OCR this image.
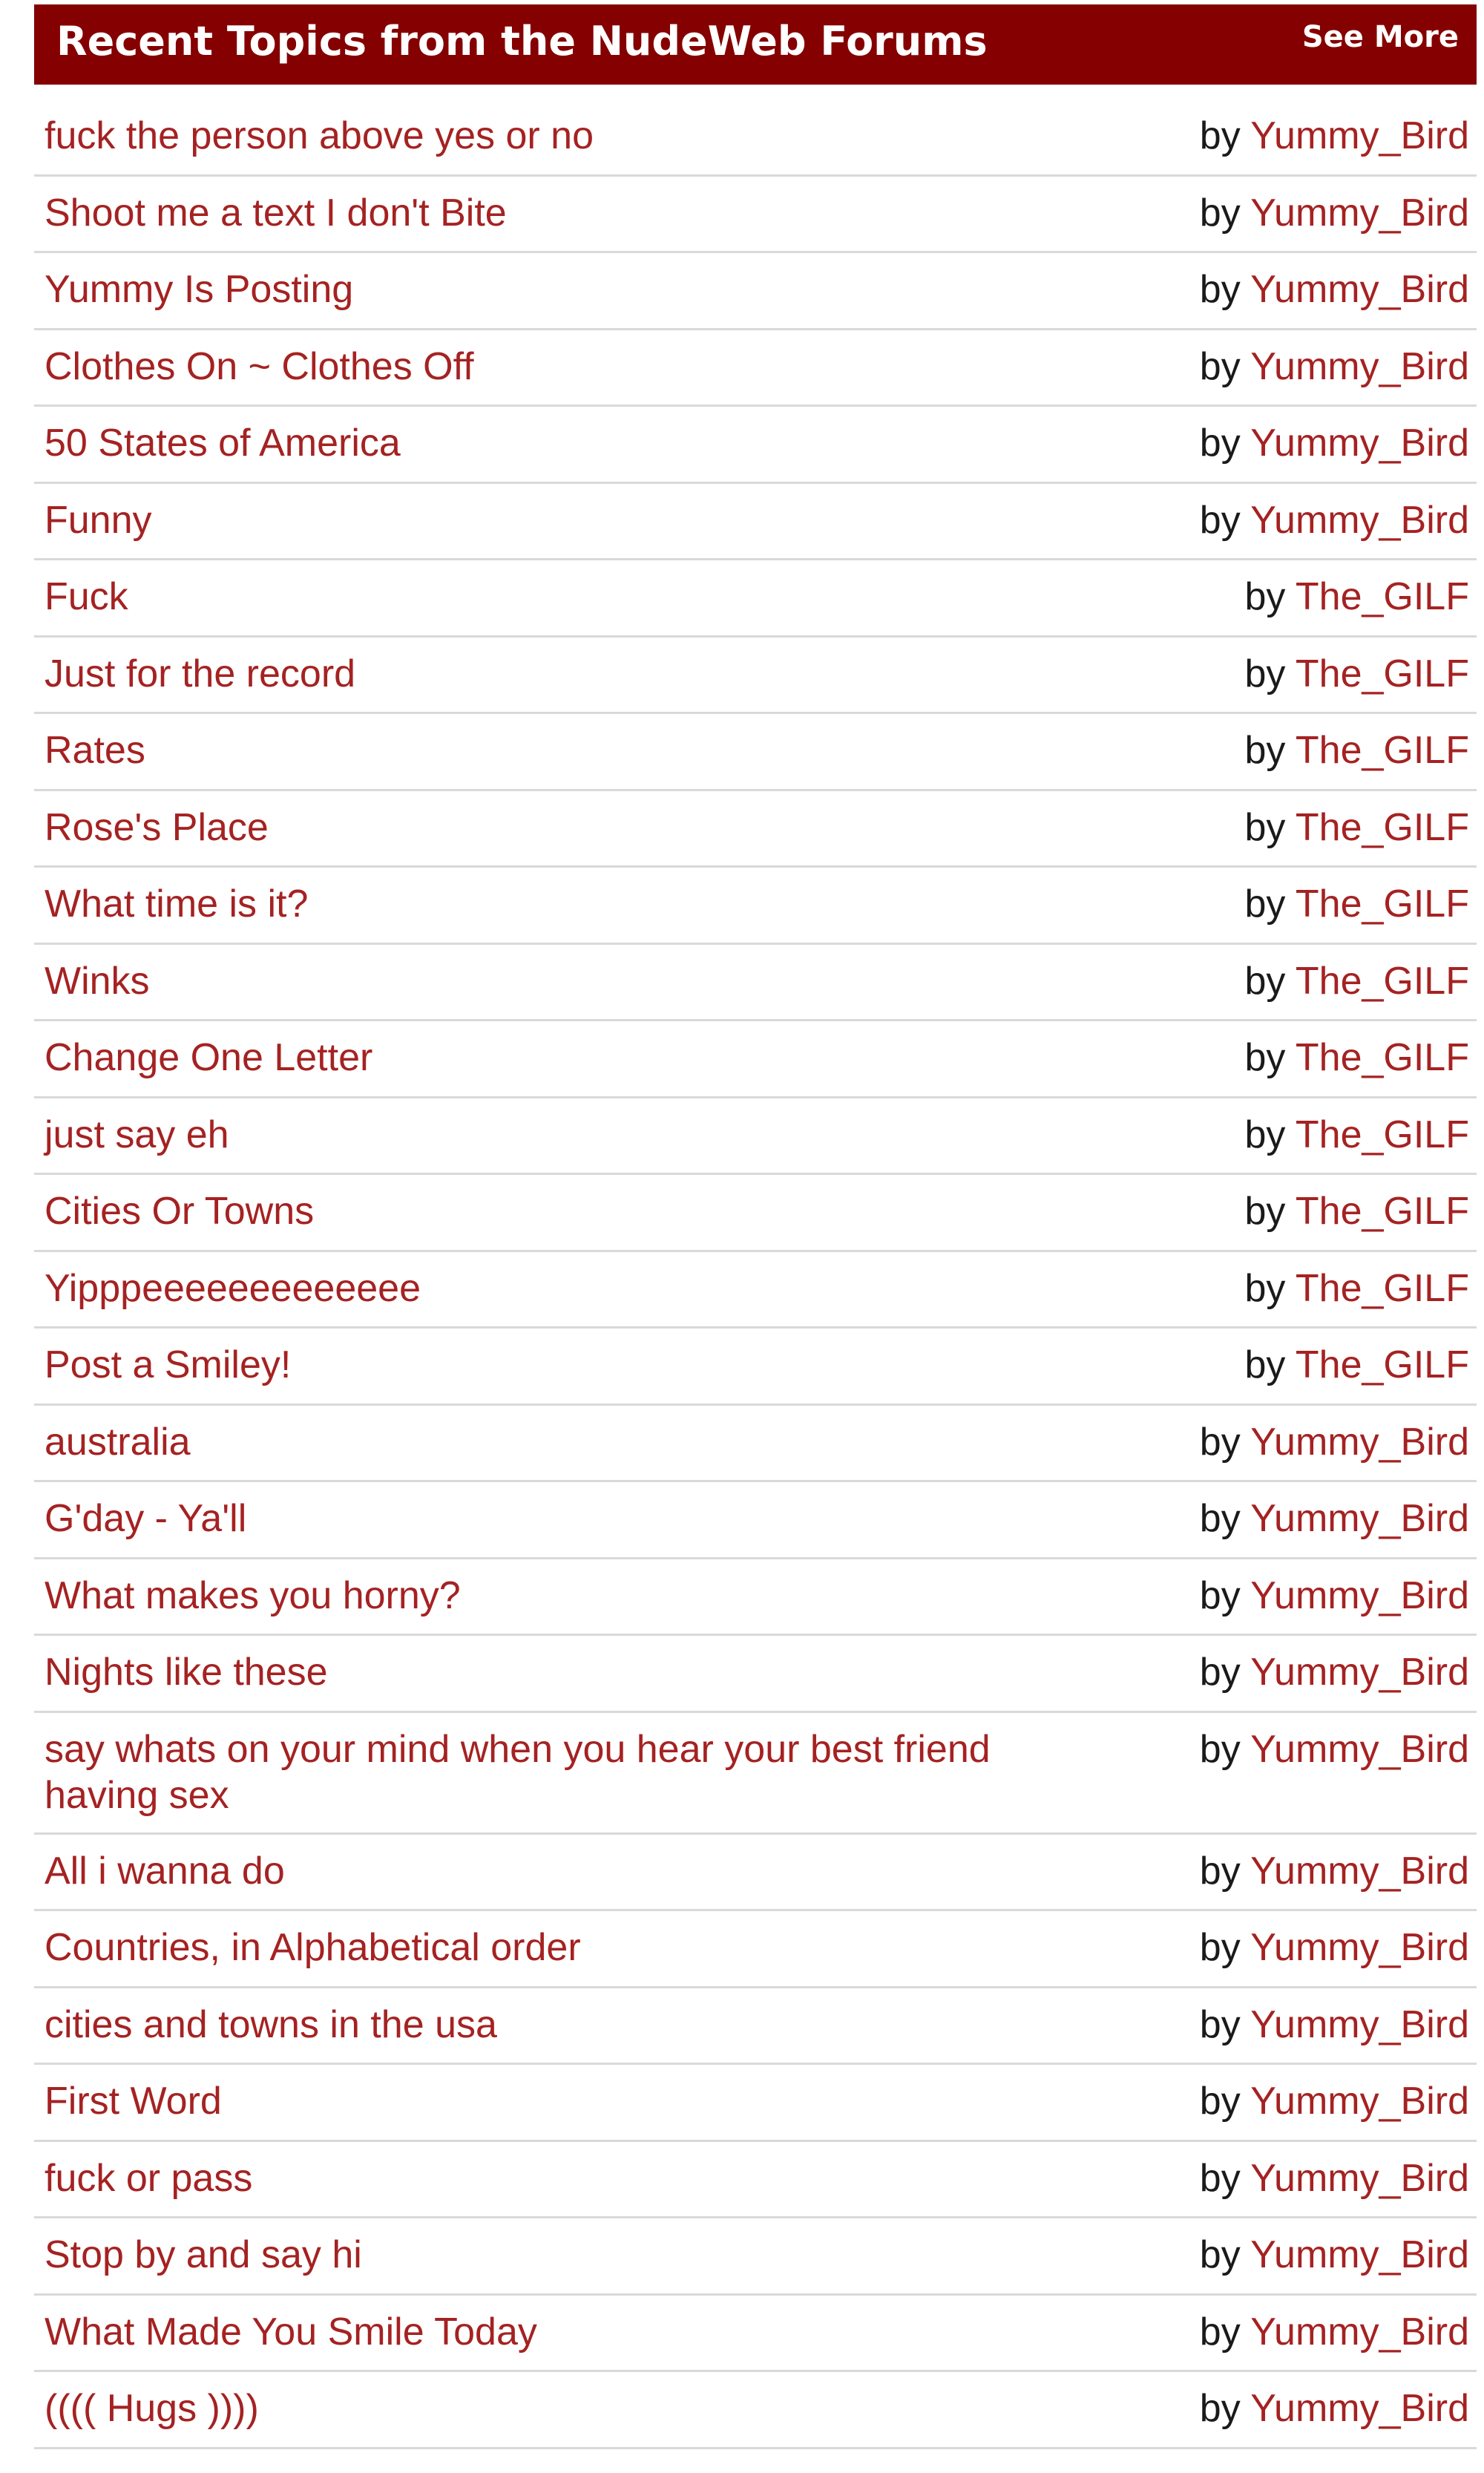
Recent Topics from the NudeWeb Forums	See More
fuck the person above yes or no	by Yummy_Bird
Shoot me a text I don't Bite	by Yummy_Bird
Yummy Is Posting	by Yummy_Bird
Clothes On ~ Clothes Off	by Yummy_Bird
50 States of America	by Yummy_Bird
Funny	by Yummy_Bird
Fuck	by The_GILF
Just for the record	by The_GILF
Rates	by The_GILF
Rose's Place	by The_GILF
What time is it?	by The_GILF
Winks	by The_GILF
Change One Letter	by The_GILF
just say eh	by The_GILF
Cities Or Towns	by The_GILF
Yipppeeeeeeeeeeeee	by The_GILF
Post a Smiley!	by The_GILF
australia	by Yummy_Bird
G'day - Ya'll	by Yummy_Bird
What makes you horny?	by Yummy_Bird
Nights like these	by Yummy_Bird
say whats on your mind when you hear your best friend having sex
by Yummy_Bird
All i wanna do	by Yummy_Bird
Countries, in Alphabetical order	by Yummy_Bird
cities and towns in the usa	by Yummy_Bird
First Word	by Yummy_Bird
fuck or pass	by Yummy_Bird
Stop by and say hi	by Yummy_Bird
What Made You Smile Today	by Yummy_Bird
(((( Hugs ))))	by Yummy_Bird
